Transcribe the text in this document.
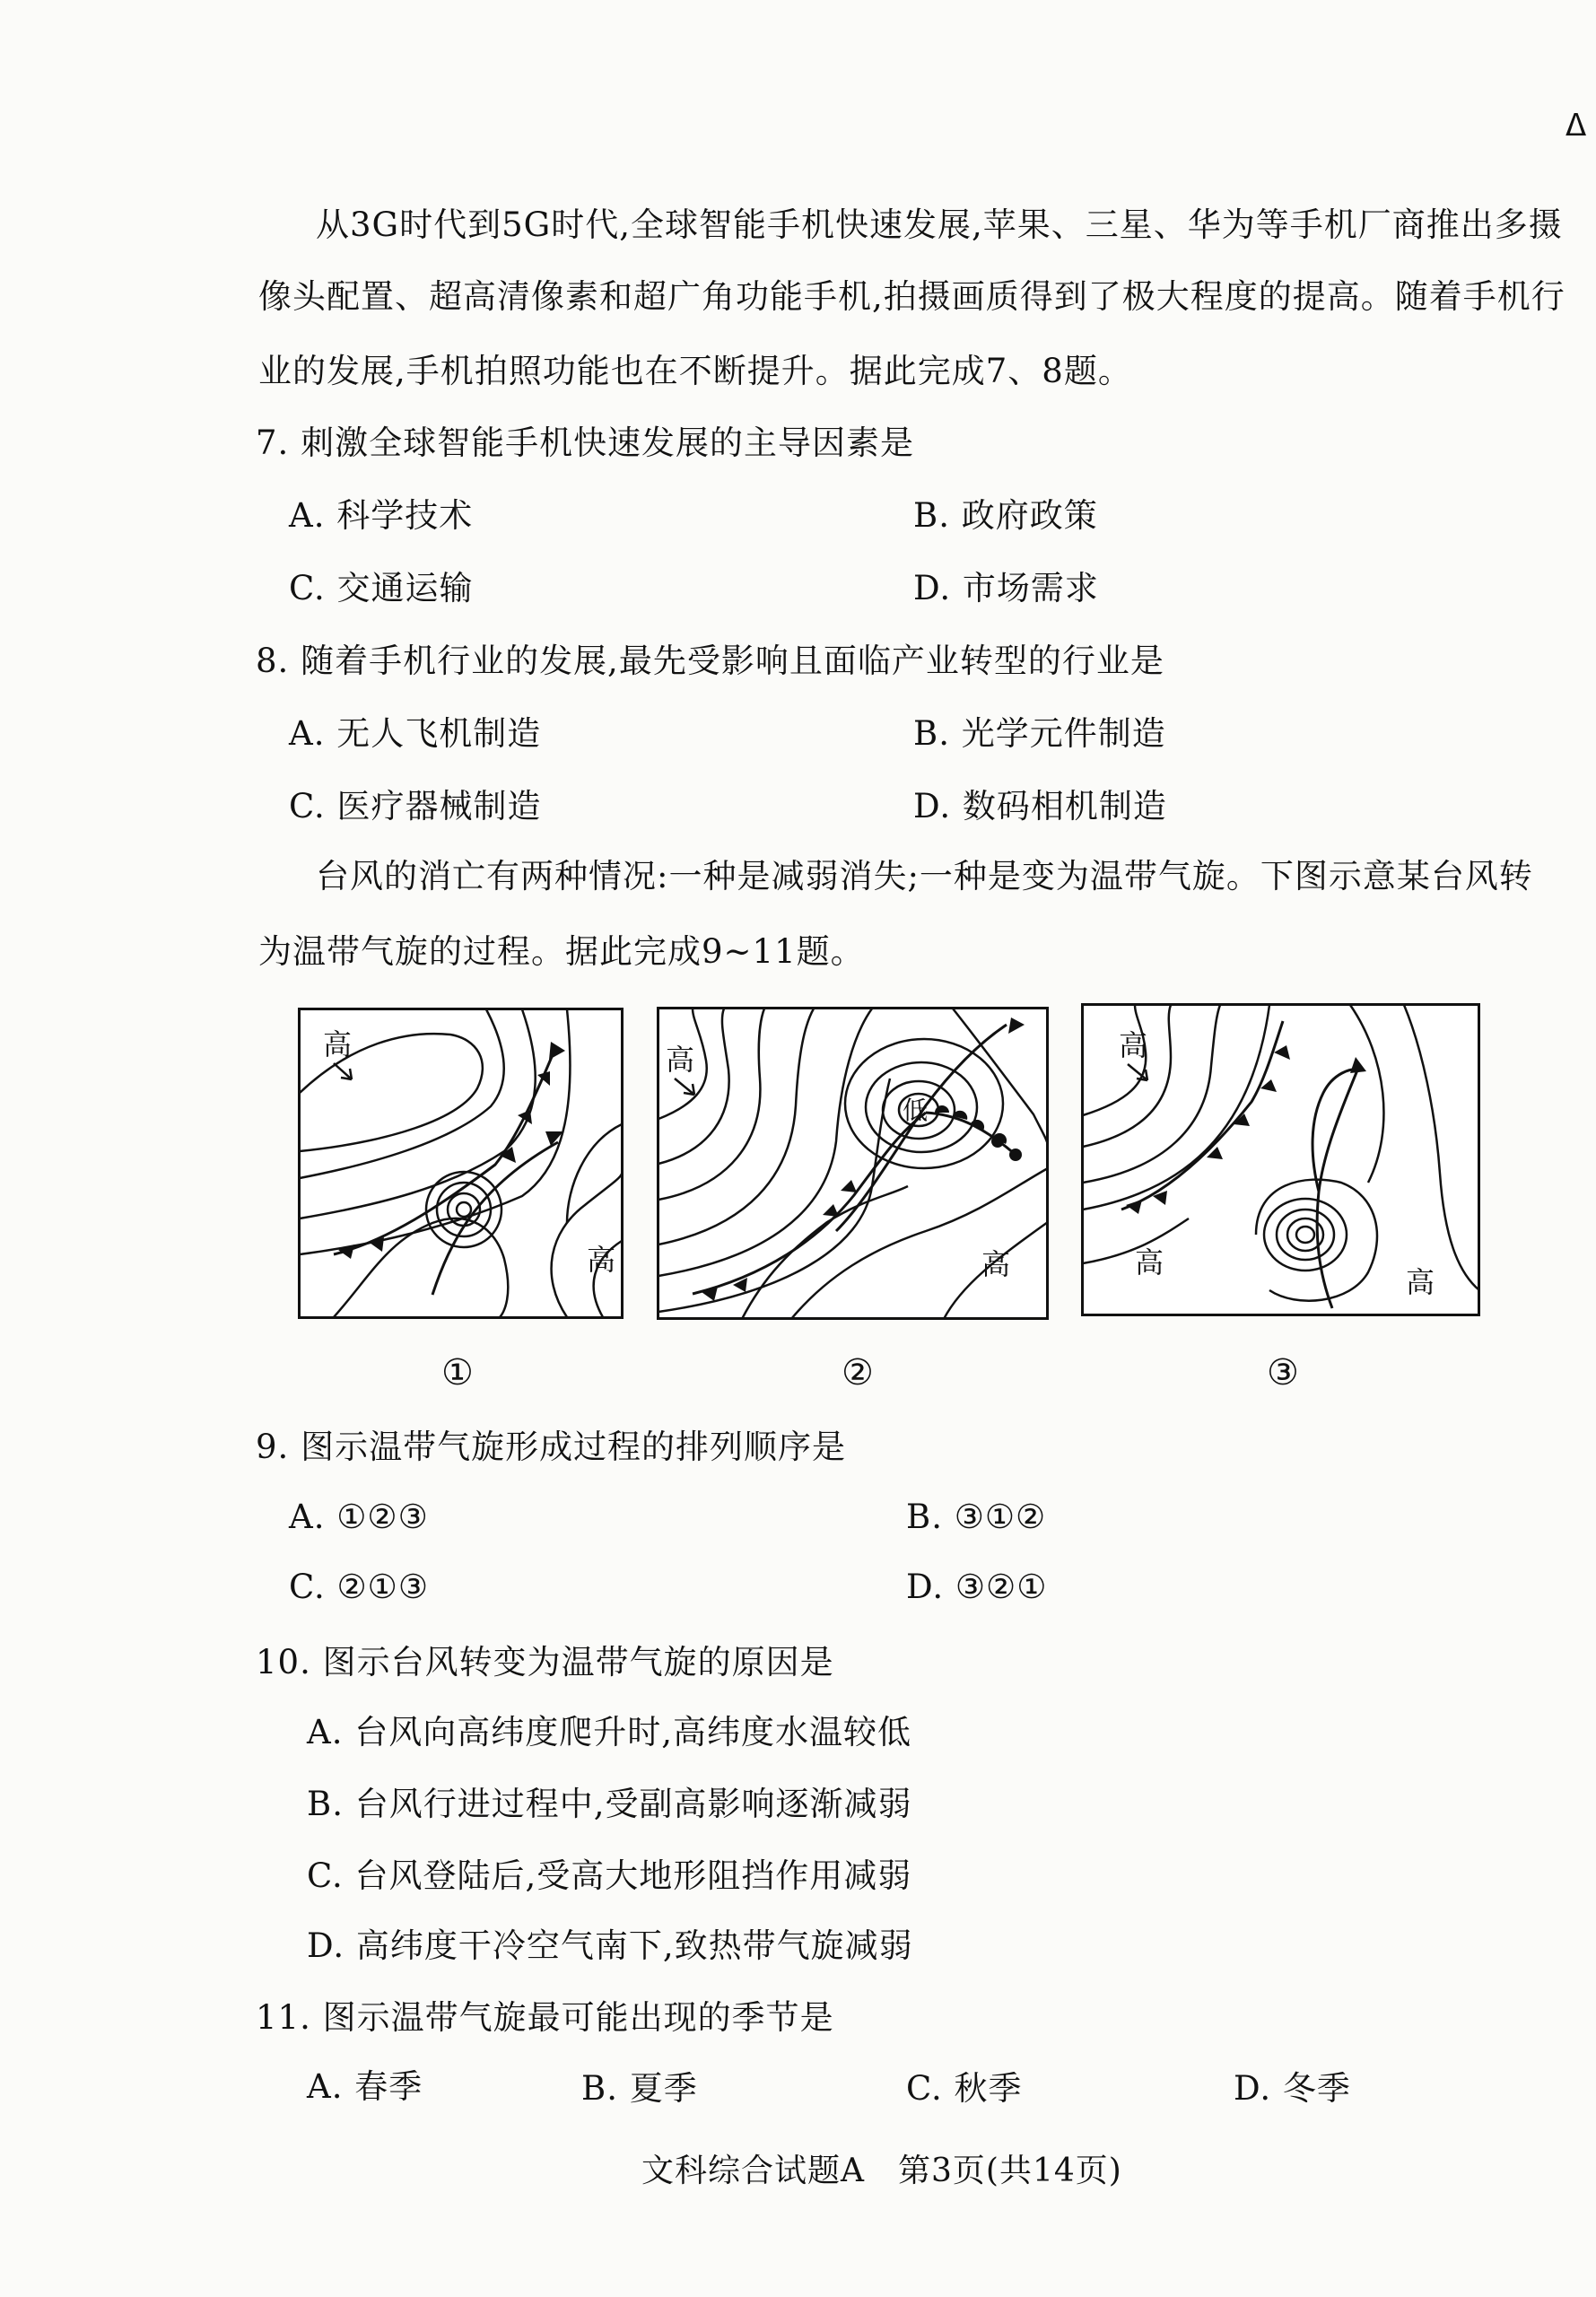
ᐃ
从3G时代到5G时代,全球智能手机快速发展,苹果、三星、华为等手机厂商推出多摄
像头配置、超高清像素和超广角功能手机,拍摄画质得到了极大程度的提高。随着手机行
业的发展,手机拍照功能也在不断提升。据此完成7、8题。
7. 刺激全球智能手机快速发展的主导因素是
A. 科学技术	B. 政府政策
C. 交通运输	D. 市场需求
8. 随着手机行业的发展,最先受影响且面临产业转型的行业是
A. 无人飞机制造	B. 光学元件制造
C. 医疗器械制造	D. 数码相机制造
台风的消亡有两种情况:一种是减弱消失;一种是变为温带气旋。下图示意某台风转
为温带气旋的过程。据此完成9~11题。
高
高
高
低
高
高
高
高
①	②	③
9. 图示温带气旋形成过程的排列顺序是
A. ①②③	B. ③①②
C. ②①③	D. ③②①
10. 图示台风转变为温带气旋的原因是
A. 台风向高纬度爬升时,高纬度水温较低
B. 台风行进过程中,受副高影响逐渐减弱
C. 台风登陆后,受高大地形阻挡作用减弱
D. 高纬度干冷空气南下,致热带气旋减弱
11. 图示温带气旋最可能出现的季节是
A. 春季	B. 夏季	C. 秋季	D. 冬季
文科综合试题A　第3页(共14页)
